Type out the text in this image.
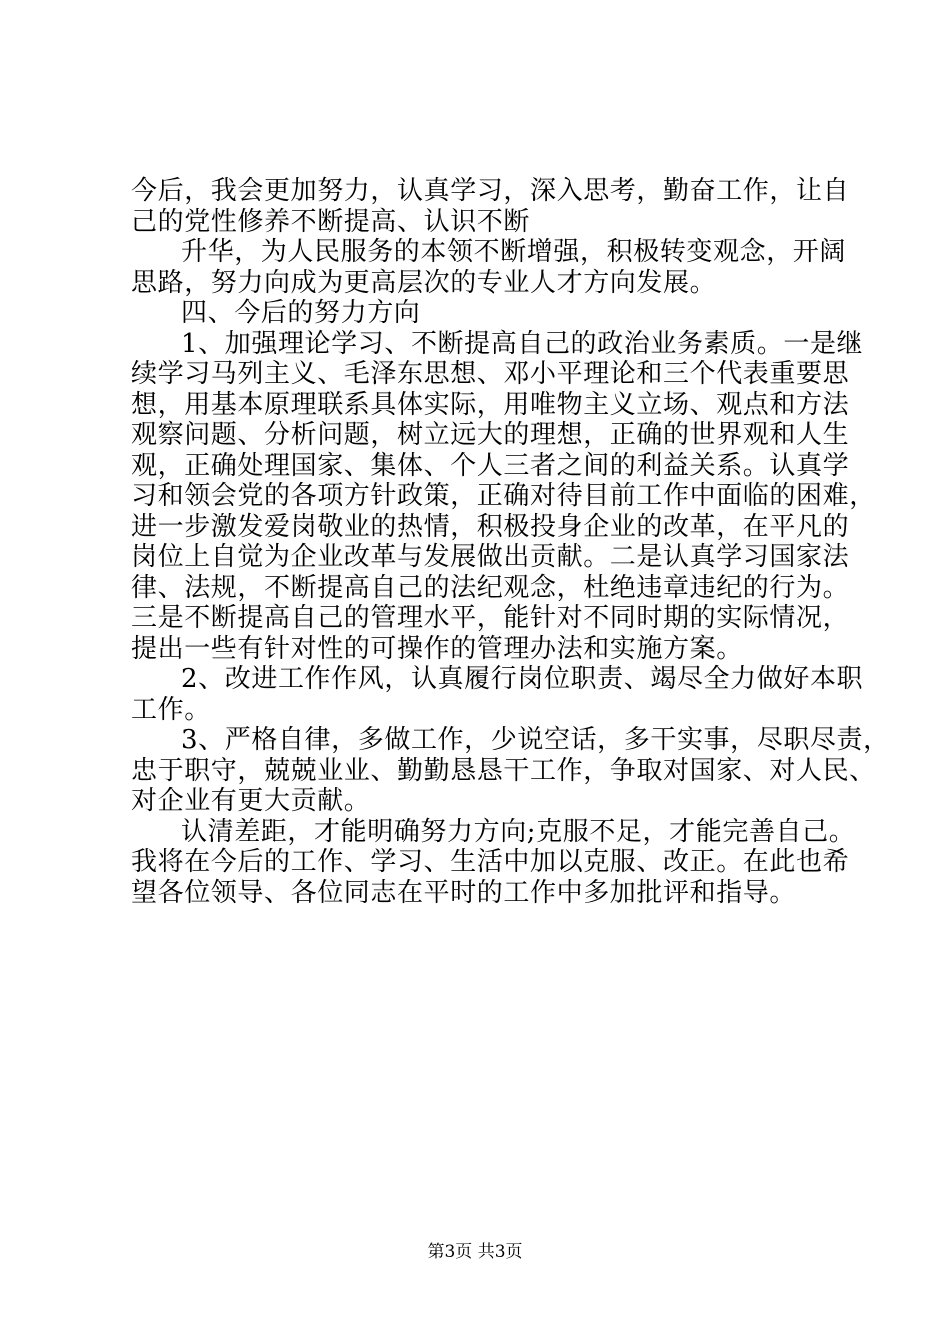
今后，我会更加努力，认真学习，深入思考，勤奋工作，让自
己的党性修养不断提高、认识不断
升华，为人民服务的本领不断增强，积极转变观念，开阔
思路，努力向成为更高层次的专业人才方向发展。
四、今后的努力方向
1、加强理论学习、不断提高自己的政治业务素质。一是继
续学习马列主义、毛泽东思想、邓小平理论和三个代表重要思
想，用基本原理联系具体实际，用唯物主义立场、观点和方法
观察问题、分析问题，树立远大的理想，正确的世界观和人生
观，正确处理国家、集体、个人三者之间的利益关系。认真学
习和领会党的各项方针政策，正确对待目前工作中面临的困难，
进一步激发爱岗敬业的热情，积极投身企业的改革，在平凡的
岗位上自觉为企业改革与发展做出贡献。二是认真学习国家法
律、法规，不断提高自己的法纪观念，杜绝违章违纪的行为。
三是不断提高自己的管理水平，能针对不同时期的实际情况，
提出一些有针对性的可操作的管理办法和实施方案。
2、改进工作作风，认真履行岗位职责、竭尽全力做好本职
工作。
3、严格自律，多做工作，少说空话，多干实事，尽职尽责，
忠于职守，兢兢业业、勤勤恳恳干工作，争取对国家、对人民、
对企业有更大贡献。
认清差距，才能明确努力方向;克服不足，才能完善自己。
我将在今后的工作、学习、生活中加以克服、改正。在此也希
望各位领导、各位同志在平时的工作中多加批评和指导。
第3页 共3页
